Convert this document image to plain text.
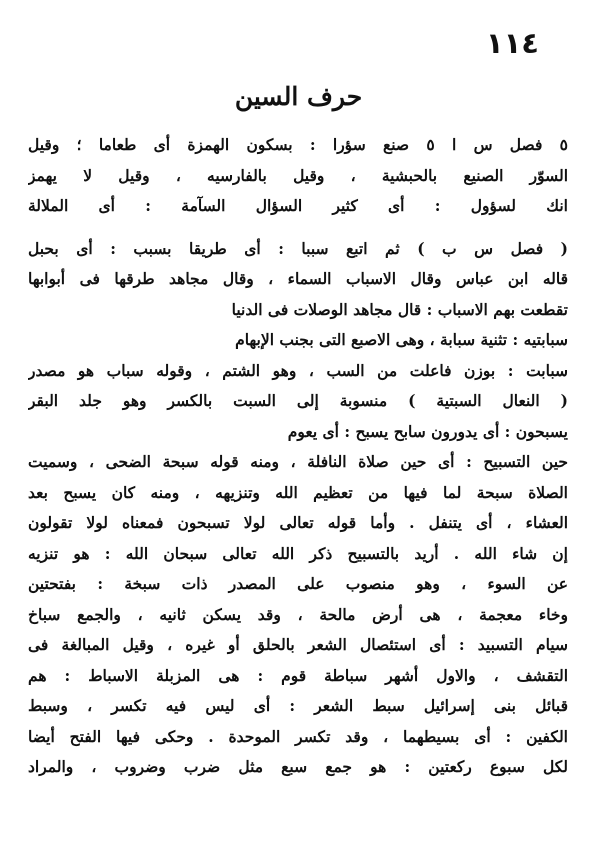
١١٤
حرف السين
٥ فصل س ا ٥ صنع سؤرا : بسكون الهمزة أى طعاما ؛ وقيل
السوّر الصنيع بالحبشية ، وقيل بالفارسيه ، وقيل لا يهمز
انك لسؤول : أى كثير السؤال السآمة : أى الملالة
( فصل س ب ) ثم اتبع سببا : أى طريقا بسبب : أى بحبل
قاله ابن عباس وقال الاسباب السماء ، وقال مجاهد طرقها فى أبوابها
تقطعت بهم الاسباب : قال مجاهد الوصلات فى الدنيا
سبابتيه : تثنية سبابة ، وهى الاصبع التى بجنب الإبهام
سبابت : بوزن فاعلت من السب ، وهو الشتم ، وقوله سباب هو مصدر
( النعال السبتية ) منسوبة إلى السبت بالكسر وهو جلد البقر
يسبحون : أى يدورون سابح يسبح : أى يعوم
حين التسبيح : أى حين صلاة النافلة ، ومنه قوله سبحة الضحى ، وسميت
الصلاة سبحة لما فيها من تعظيم الله وتنزيهه ، ومنه كان يسبح بعد
العشاء ، أى يتنفل . وأما قوله تعالى لولا تسبحون فمعناه لولا تقولون
إن شاء الله . أريد بالتسبيح ذكر الله تعالى سبحان الله : هو تنزيه
عن السوء ، وهو منصوب على المصدر ذات سبخة : بفتحتين
وخاء معجمة ، هى أرض مالحة ، وقد يسكن ثانيه ، والجمع سباخ
سيام التسبيد : أى استئصال الشعر بالحلق أو غيره ، وقيل المبالغة فى
التقشف ، والاول أشهر سباطة قوم : هى المزبلة الاسباط : هم
قبائل بنى إسرائيل سبط الشعر : أى ليس فيه تكسر ، وسبط
الكفين : أى بسيطهما ، وقد تكسر الموحدة . وحكى فيها الفتح أيضا
لكل سبوع ركعتين : هو جمع سبع مثل ضرب وضروب ، والمراد
